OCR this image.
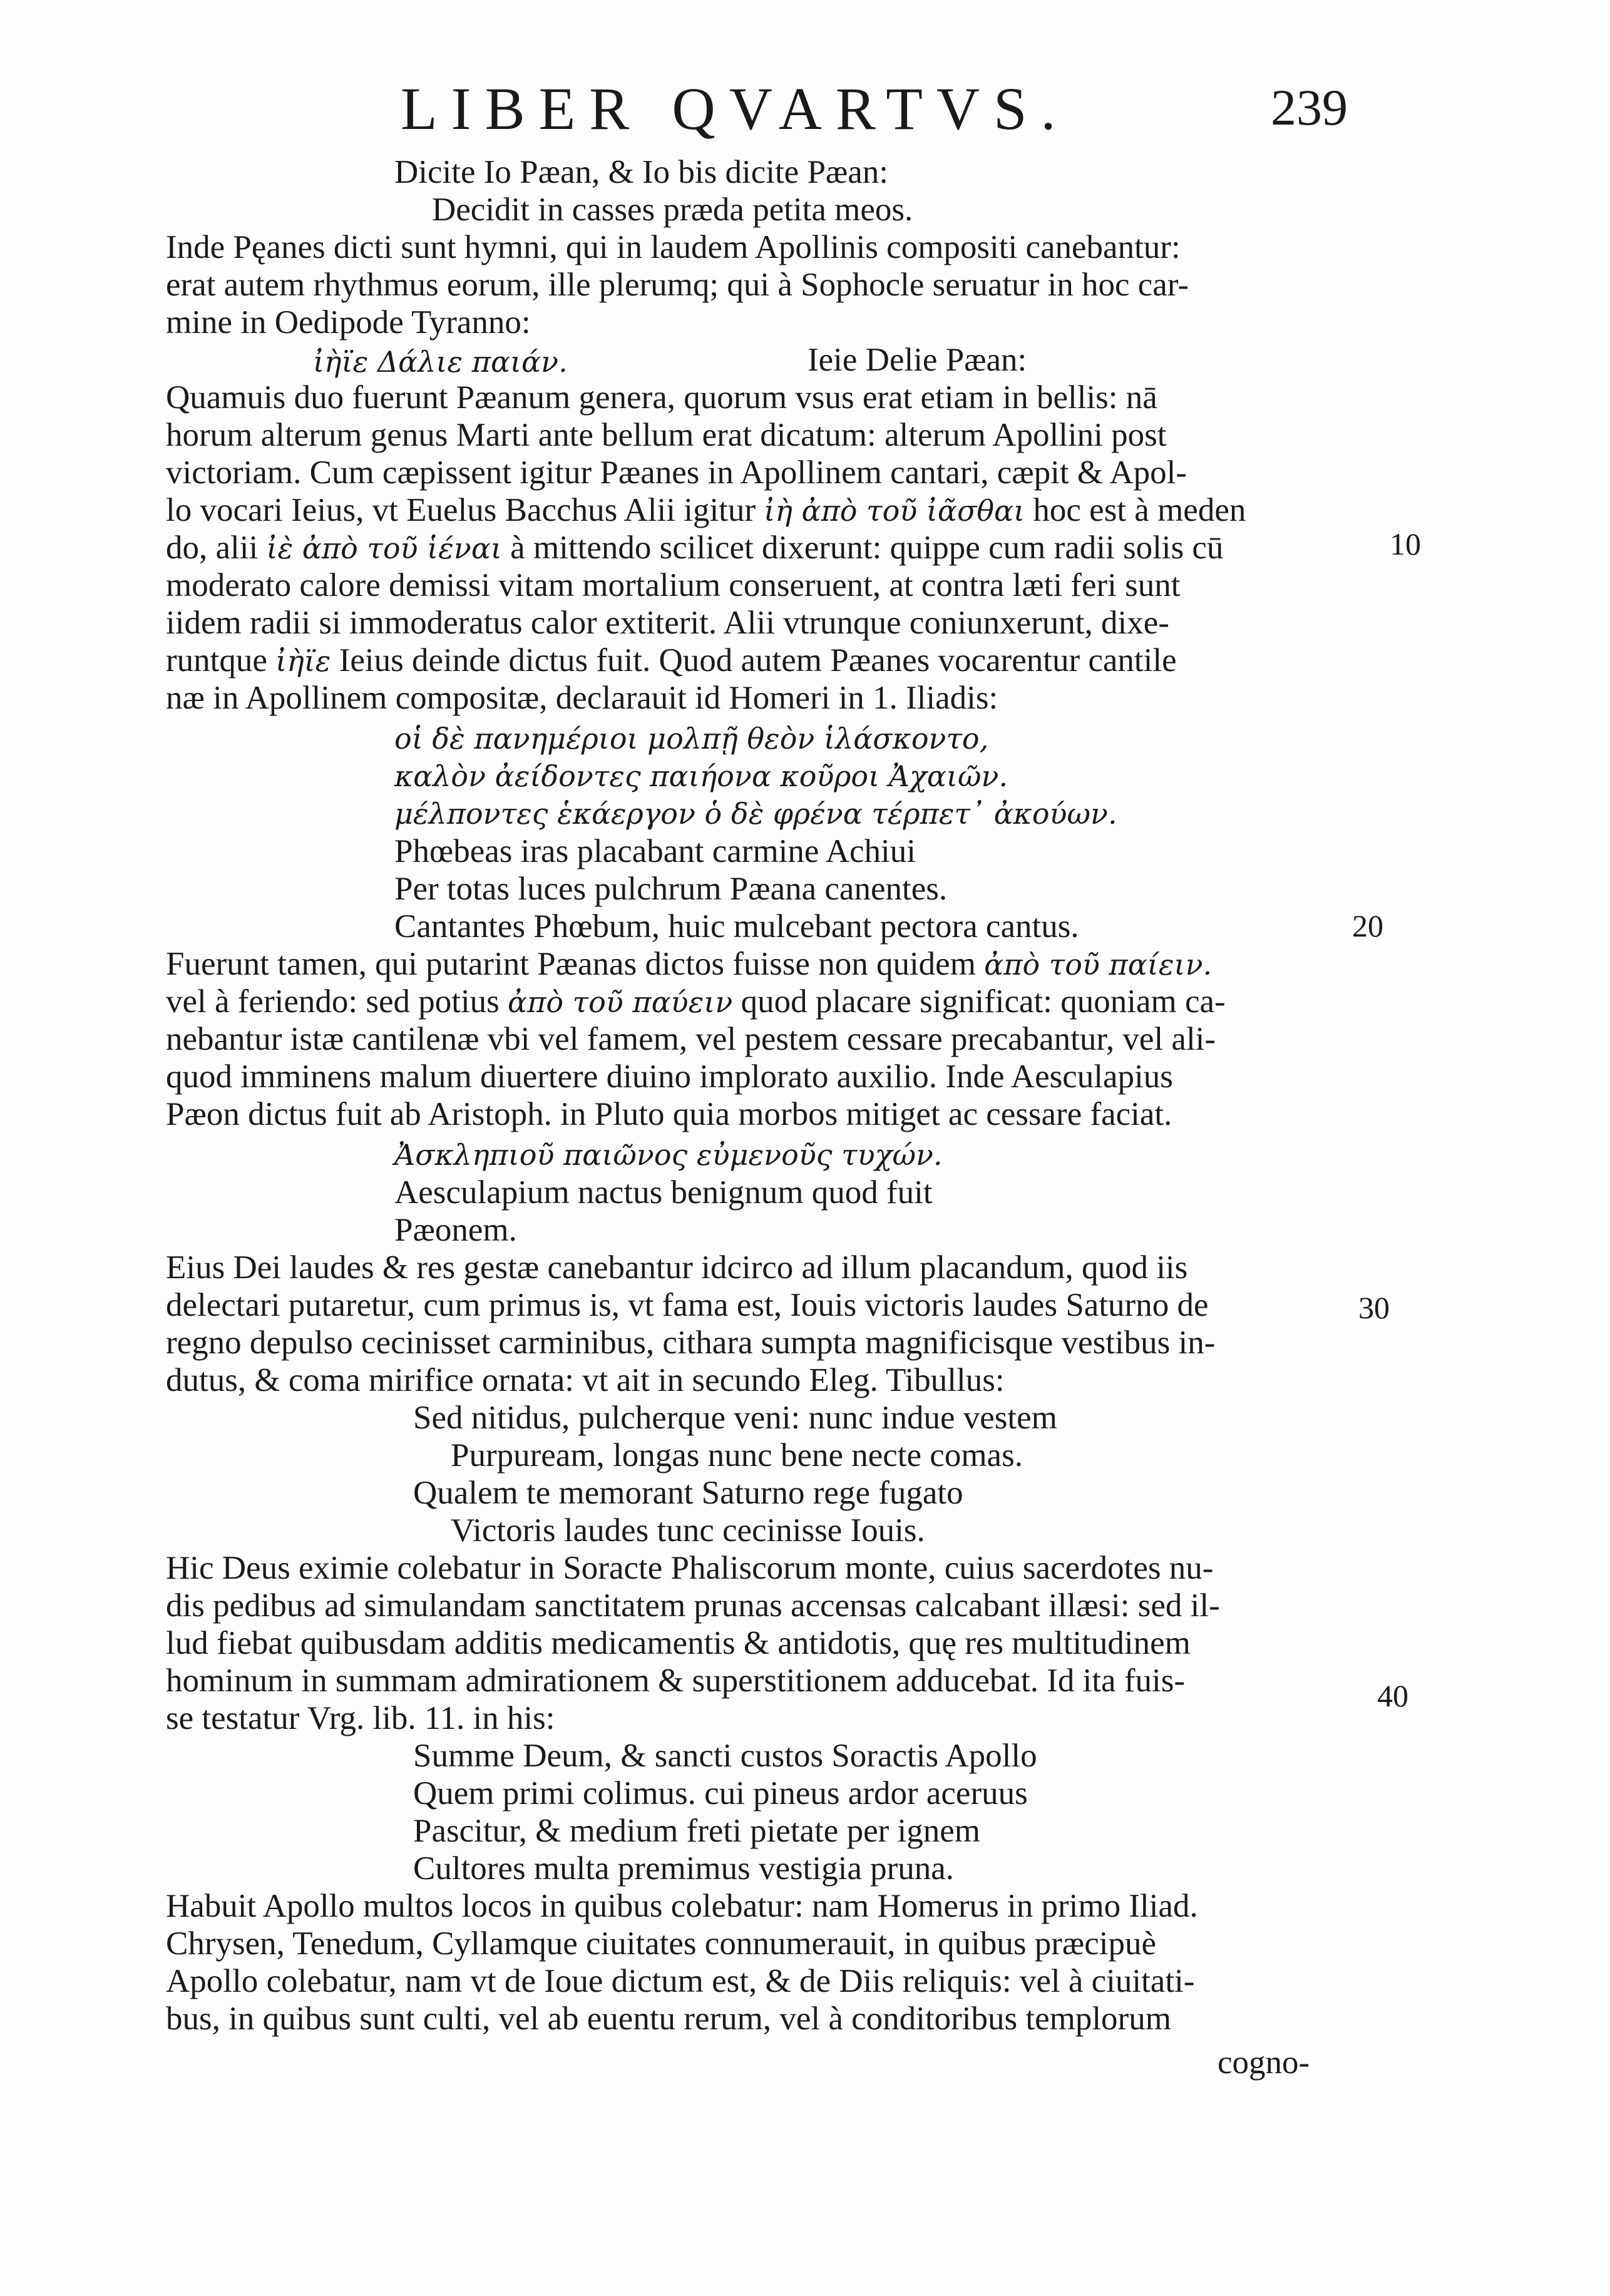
LIBER QVARTVS.	239
Dicite Io Pæan, & Io bis dicite Pæan:
Decidit in casses præda petita meos.
Inde Pęanes dicti sunt hymni, qui in laudem Apollinis compositi canebantur:
erat autem rhythmus eorum, ille plerumq; qui à Sophocle seruatur in hoc car-
mine in Oedipode Tyranno:
ἰὴϊε Δάλιε παιάν.	Ieie Delie Pæan:
Quamuis duo fuerunt Pæanum genera, quorum vsus erat etiam in bellis: nā
horum alterum genus Marti ante bellum erat dicatum: alterum Apollini post
victoriam. Cum cæpissent igitur Pæanes in Apollinem cantari, cæpit & Apol-
lo vocari Ieius, vt Euelus Bacchus Alii igitur ἰὴ ἀπὸ τοῦ ἰᾶσθαι hoc est à meden
do, alii ἰὲ ἀπὸ τοῦ ἱέναι à mittendo scilicet dixerunt: quippe cum radii solis cū
moderato calore demissi vitam mortalium conseruent, at contra læti feri sunt
iidem radii si immoderatus calor extiterit. Alii vtrunque coniunxerunt, dixe-
runtque ἰὴϊε Ieius deinde dictus fuit. Quod autem Pæanes vocarentur cantile
næ in Apollinem compositæ, declarauit id Homeri in 1. Iliadis:
οἱ δὲ πανημέριοι μολπῇ θεὸν ἱλάσκοντο,
καλὸν ἀείδοντες παιήονα κοῦροι Ἀχαιῶν.
μέλποντες ἑκάεργον ὁ δὲ φρένα τέρπετ᾽ ἀκούων.
Phœbeas iras placabant carmine Achiui
Per totas luces pulchrum Pæana canentes.
Cantantes Phœbum, huic mulcebant pectora cantus.
Fuerunt tamen, qui putarint Pæanas dictos fuisse non quidem ἀπὸ τοῦ παίειν.
vel à feriendo: sed potius ἀπὸ τοῦ παύειν quod placare significat: quoniam ca-
nebantur istæ cantilenæ vbi vel famem, vel pestem cessare precabantur, vel ali-
quod imminens malum diuertere diuino implorato auxilio. Inde Aesculapius
Pæon dictus fuit ab Aristoph. in Pluto quia morbos mitiget ac cessare faciat.
Ἀσκληπιοῦ παιῶνος εὐμενοῦς τυχών.
Aesculapium nactus benignum quod fuit
Pæonem.
Eius Dei laudes & res gestæ canebantur idcirco ad illum placandum, quod iis
delectari putaretur, cum primus is, vt fama est, Iouis victoris laudes Saturno de
regno depulso cecinisset carminibus, cithara sumpta magnificisque vestibus in-
dutus, & coma mirifice ornata: vt ait in secundo Eleg. Tibullus:
Sed nitidus, pulcherque veni: nunc indue vestem
Purpuream, longas nunc bene necte comas.
Qualem te memorant Saturno rege fugato
Victoris laudes tunc cecinisse Iouis.
Hic Deus eximie colebatur in Soracte Phaliscorum monte, cuius sacerdotes nu-
dis pedibus ad simulandam sanctitatem prunas accensas calcabant illæsi: sed il-
lud fiebat quibusdam additis medicamentis & antidotis, quę res multitudinem
hominum in summam admirationem & superstitionem adducebat. Id ita fuis-
se testatur Vrg. lib. 11. in his:
Summe Deum, & sancti custos Soractis Apollo
Quem primi colimus. cui pineus ardor aceruus
Pascitur, & medium freti pietate per ignem
Cultores multa premimus vestigia pruna.
Habuit Apollo multos locos in quibus colebatur: nam Homerus in primo Iliad.
Chrysen, Tenedum, Cyllamque ciuitates connumerauit, in quibus præcipuè
Apollo colebatur, nam vt de Ioue dictum est, & de Diis reliquis: vel à ciuitati-
bus, in quibus sunt culti, vel ab euentu rerum, vel à conditoribus templorum
cogno-
10
20
30
40
